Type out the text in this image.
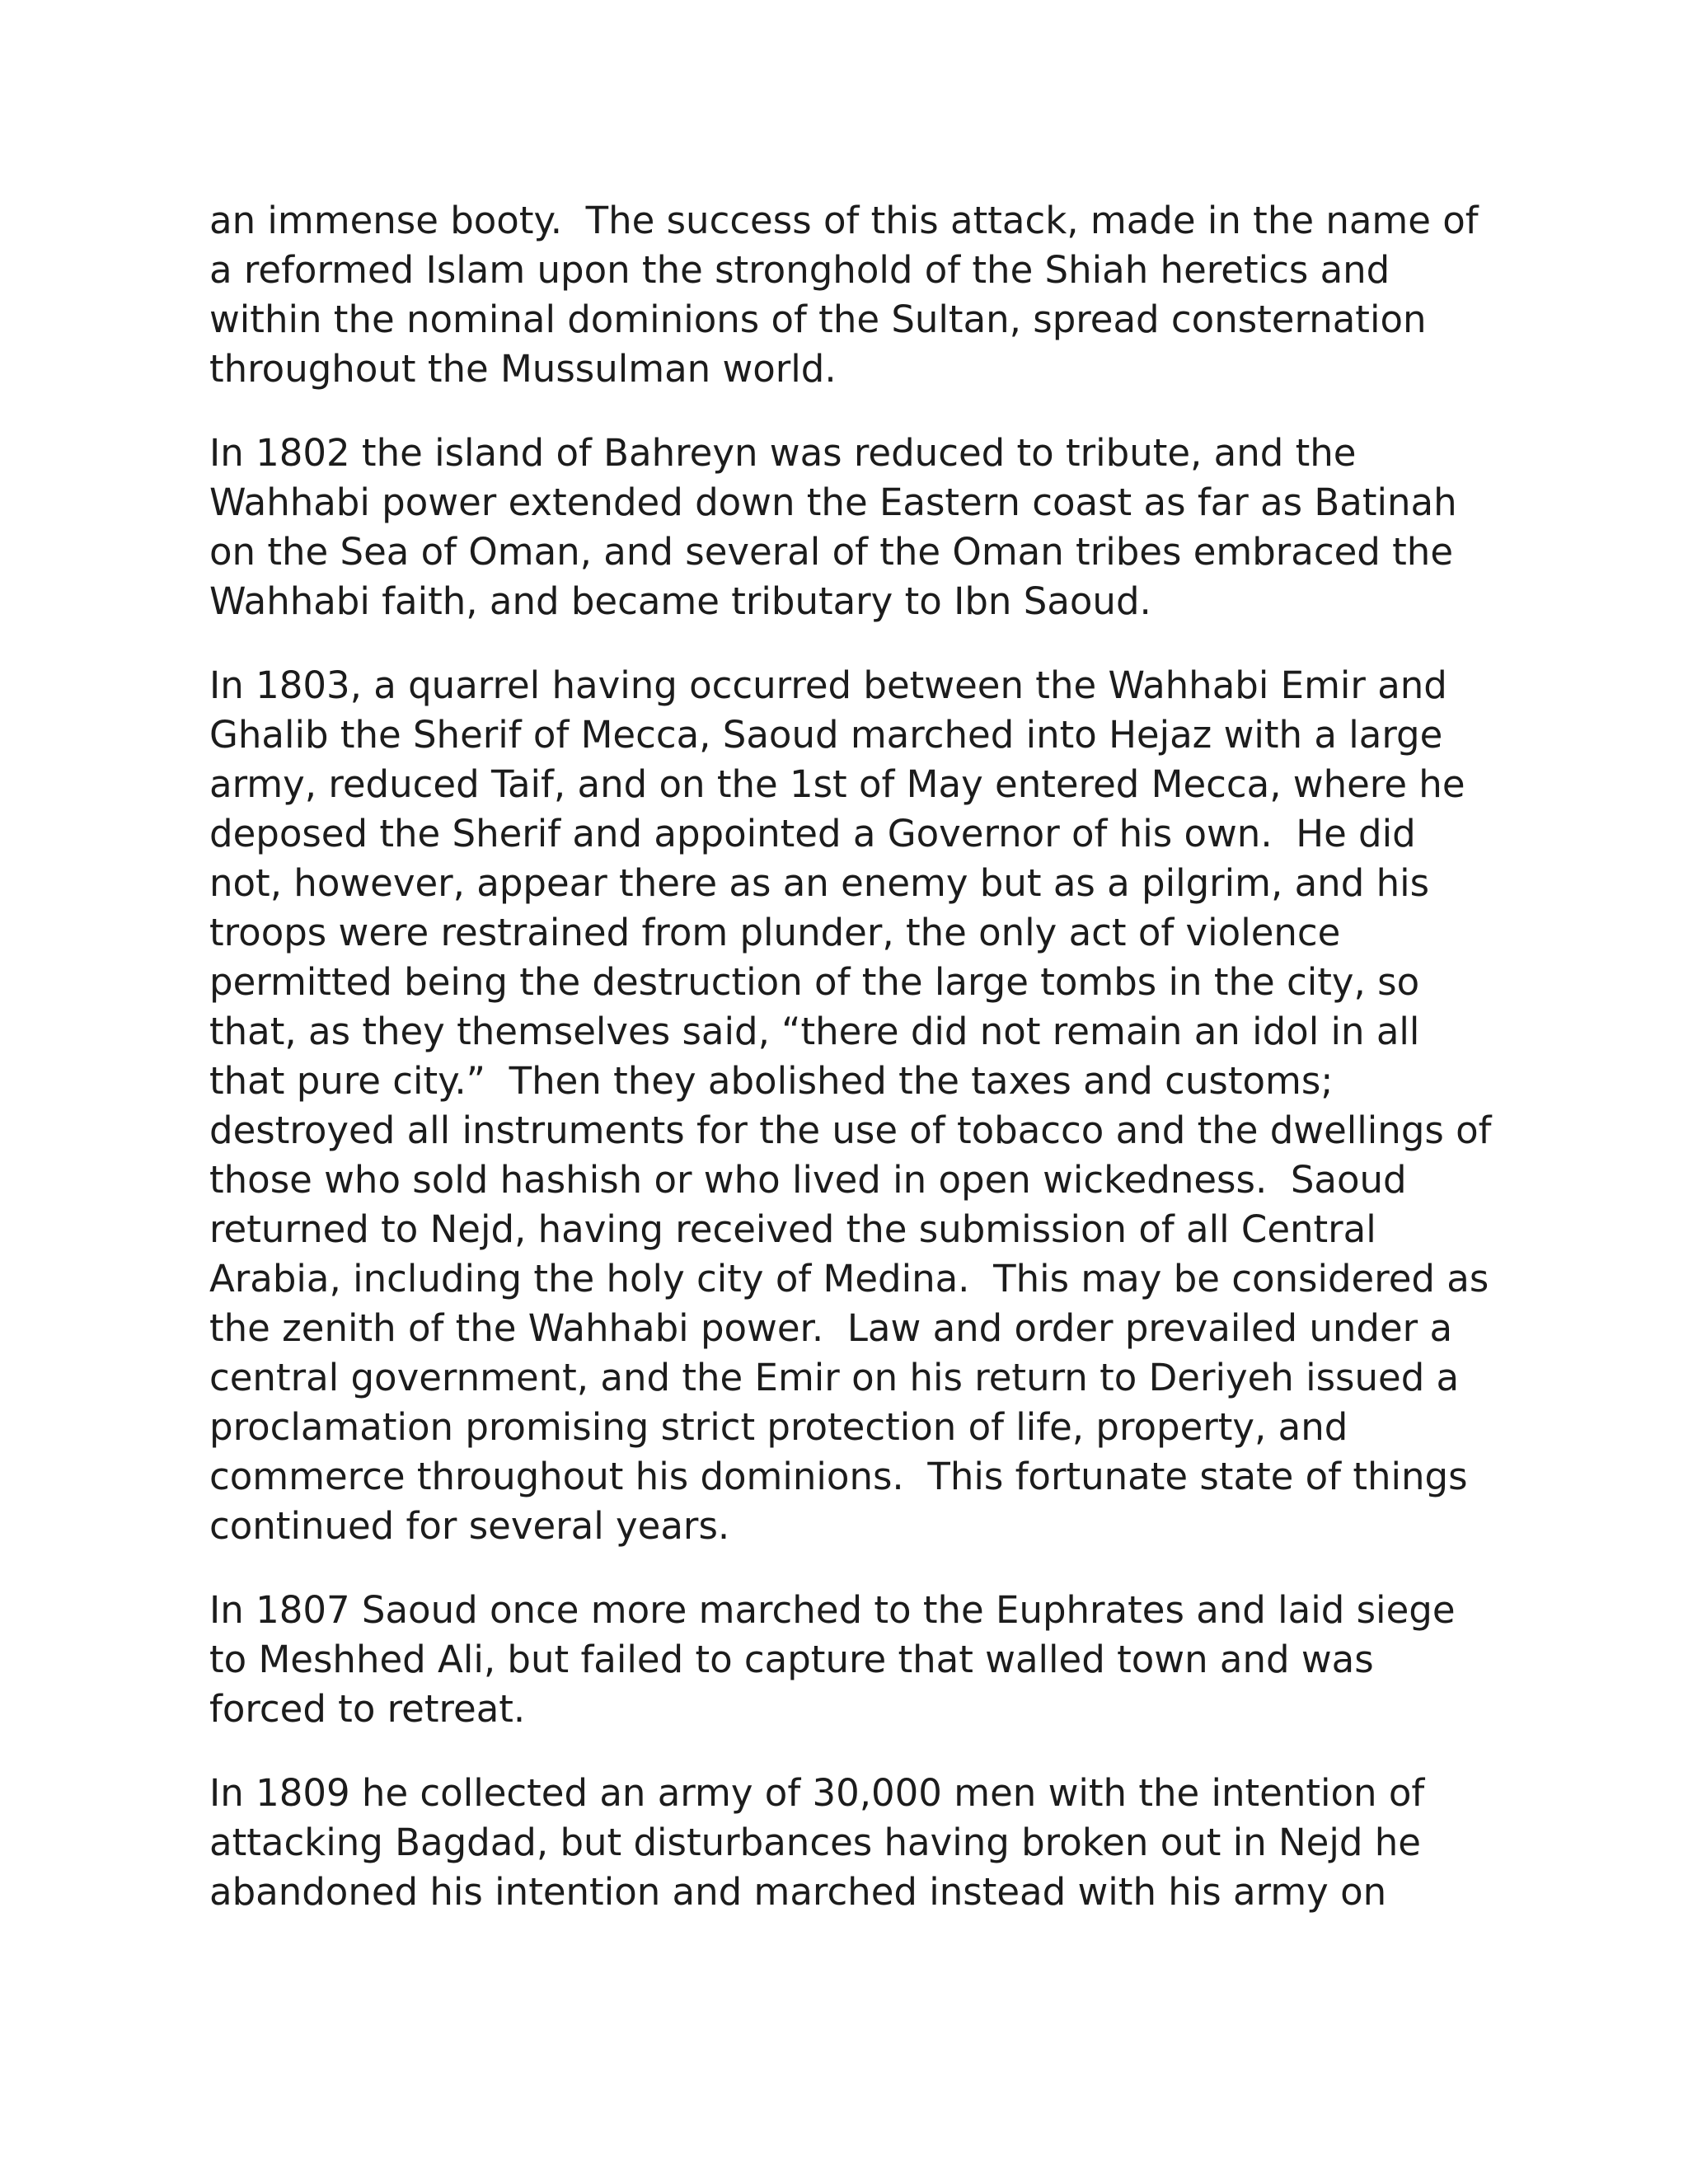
an immense booty.  The success of this attack, made in the name of
a reformed Islam upon the stronghold of the Shiah heretics and
within the nominal dominions of the Sultan, spread consternation
throughout the Mussulman world.

In 1802 the island of Bahreyn was reduced to tribute, and the
Wahhabi power extended down the Eastern coast as far as Batinah
on the Sea of Oman, and several of the Oman tribes embraced the
Wahhabi faith, and became tributary to Ibn Saoud.

In 1803, a quarrel having occurred between the Wahhabi Emir and
Ghalib the Sherif of Mecca, Saoud marched into Hejaz with a large
army, reduced Taif, and on the 1st of May entered Mecca, where he
deposed the Sherif and appointed a Governor of his own.  He did
not, however, appear there as an enemy but as a pilgrim, and his
troops were restrained from plunder, the only act of violence
permitted being the destruction of the large tombs in the city, so
that, as they themselves said, “there did not remain an idol in all
that pure city.”  Then they abolished the taxes and customs;
destroyed all instruments for the use of tobacco and the dwellings of
those who sold hashish or who lived in open wickedness.  Saoud
returned to Nejd, having received the submission of all Central
Arabia, including the holy city of Medina.  This may be considered as
the zenith of the Wahhabi power.  Law and order prevailed under a
central government, and the Emir on his return to Deriyeh issued a
proclamation promising strict protection of life, property, and
commerce throughout his dominions.  This fortunate state of things
continued for several years.

In 1807 Saoud once more marched to the Euphrates and laid siege
to Meshhed Ali, but failed to capture that walled town and was
forced to retreat.

In 1809 he collected an army of 30,000 men with the intention of
attacking Bagdad, but disturbances having broken out in Nejd he
abandoned his intention and marched instead with his army on
